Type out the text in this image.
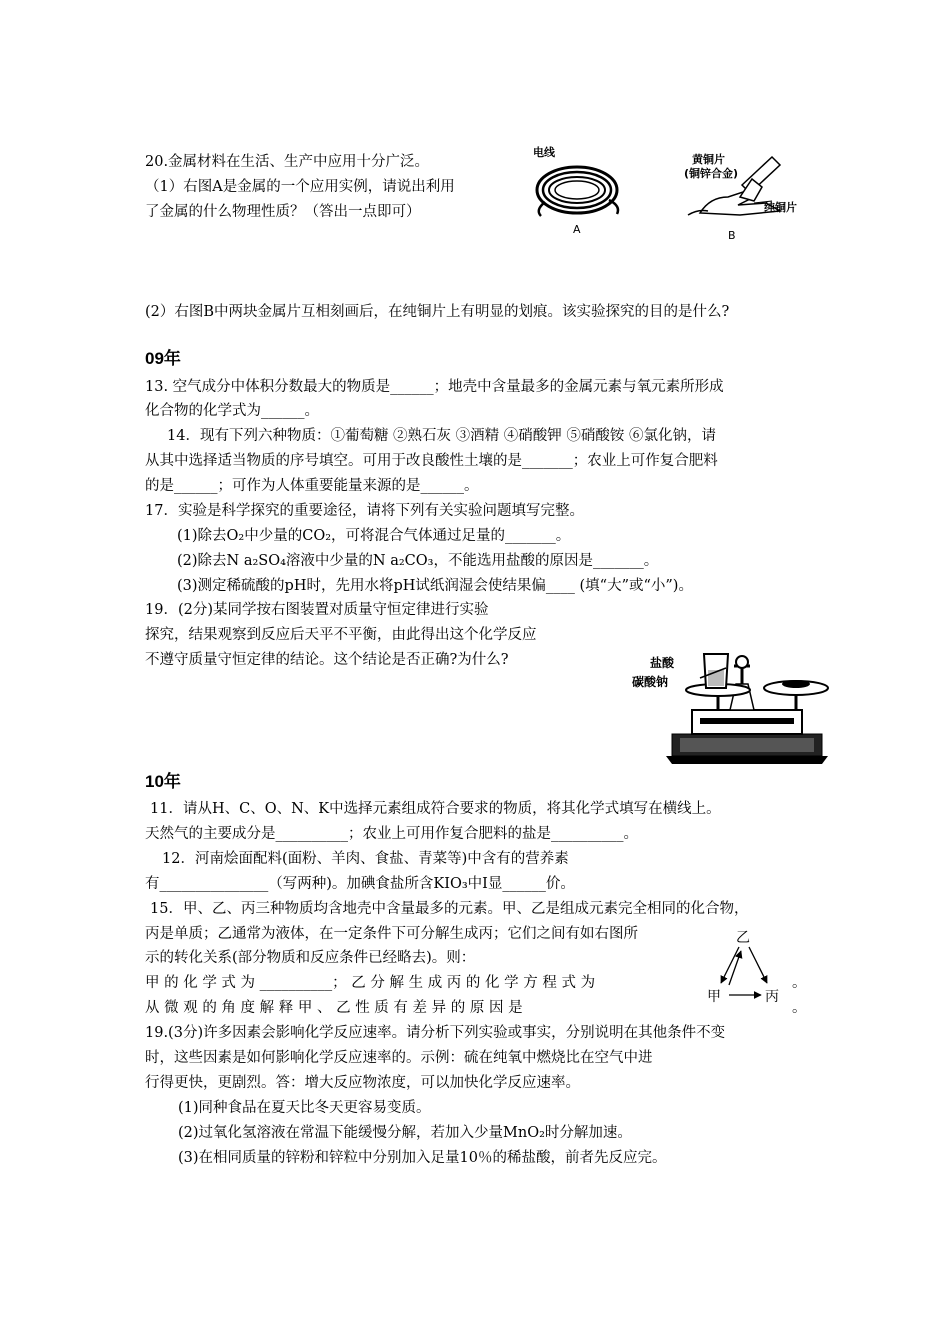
20.金属材料在生活、生产中应用十分广泛。
（1）右图A是金属的一个应用实例，请说出利用
了金属的什么物理性质？（答出一点即可）
电线
A
黄铜片
(铜锌合金)
纯铜片
B
(2）右图B中两块金属片互相刻画后，在纯铜片上有明显的划痕。该实验探究的目的是什么?
09年
13. 空气成分中体积分数最大的物质是______；地壳中含量最多的金属元素与氧元素所形成
化合物的化学式为______。
14．现有下列六种物质：①葡萄糖 ②熟石灰 ③酒精 ④硝酸钾 ⑤硝酸铵 ⑥氯化钠，请
从其中选择适当物质的序号填空。可用于改良酸性土壤的是_______；农业上可作复合肥料
的是______；可作为人体重要能量来源的是______。
17．实验是科学探究的重要途径，请将下列有关实验问题填写完整。
(1)除去O₂中少量的CO₂，可将混合气体通过足量的_______。
(2)除去N a₂SO₄溶液中少量的N a₂CO₃，不能选用盐酸的原因是_______。
(3)测定稀硫酸的pH时，先用水将pH试纸润湿会使结果偏____ (填“大”或“小”)。
19．(2分)某同学按右图装置对质量守恒定律进行实验
探究，结果观察到反应后天平不平衡，由此得出这个化学反应
不遵守质量守恒定律的结论。这个结论是否正确?为什么?	盐酸
碳酸钠
10年
11．请从H、C、O、N、K中选择元素组成符合要求的物质，将其化学式填写在横线上。
天然气的主要成分是__________；农业上可用作复合肥料的盐是__________。
12．河南烩面配料(面粉、羊肉、食盐、青菜等)中含有的营养素
有_______________（写两种)。加碘食盐所含KIO₃中I显______价。
15．甲、乙、丙三种物质均含地壳中含量最多的元素。甲、乙是组成元素完全相同的化合物，
丙是单质；乙通常为液体，在一定条件下可分解生成丙；它们之间有如右图所
示的转化关系(部分物质和反应条件已经略去)。则：
甲 的 化 学 式 为 __________； 乙 分 解 生 成 丙 的 化 学 方 程 式 为	。
从 微 观 的 角 度 解 释 甲 、 乙 性 质 有 差 异 的 原 因 是	。
乙
甲	丙
19.(3分)许多因素会影响化学反应速率。请分析下列实验或事实，分别说明在其他条件不变
时，这些因素是如何影响化学反应速率的。示例：硫在纯氧中燃烧比在空气中进
行得更快，更剧烈。答：增大反应物浓度，可以加快化学反应速率。
(1)同种食品在夏天比冬天更容易变质。
(2)过氧化氢溶液在常温下能缓慢分解，若加入少量MnO₂时分解加速。
(3)在相同质量的锌粉和锌粒中分别加入足量10％的稀盐酸，前者先反应完。
